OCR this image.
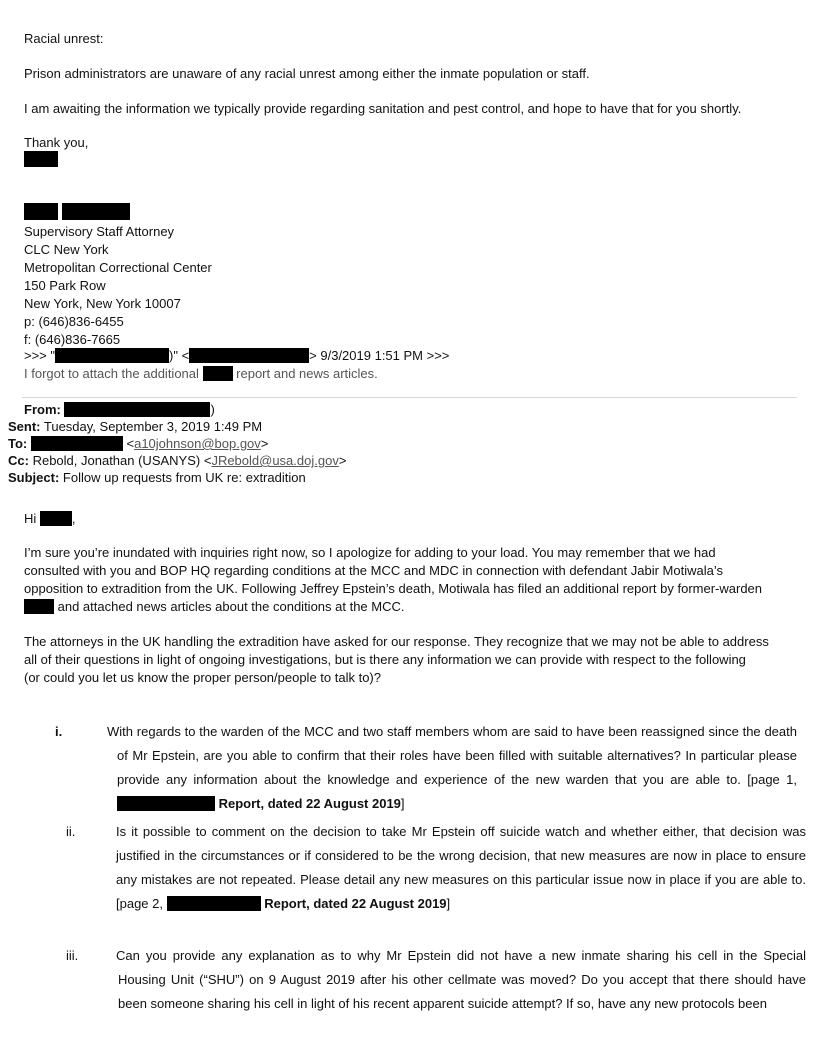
Racial unrest:
Prison administrators are unaware of any racial unrest among either the inmate population or staff.
I am awaiting the information we typically provide regarding sanitation and pest control, and hope to have that for you shortly.
Thank you,
Supervisory Staff Attorney
CLC New York
Metropolitan Correctional Center
150 Park Row
New York, New York 10007
p: (646)836-6455
f: (646)836-7665
>>> "	)" <	> 9/3/2019 1:51 PM >>>
I forgot to attach the additional	report and news articles.
From:	)
Sent: Tuesday, September 3, 2019 1:49 PM
To:	<a10johnson@bop.gov>
Cc: Rebold, Jonathan (USANYS) <JRebold@usa.doj.gov>
Subject: Follow up requests from UK re: extradition
Hi	,
I’m sure you’re inundated with inquiries right now, so I apologize for adding to your load. You may remember that we had
consulted with you and BOP HQ regarding conditions at the MCC and MDC in connection with defendant Jabir Motiwala’s
opposition to extradition from the UK. Following Jeffrey Epstein’s death, Motiwala has filed an additional report by former-warden
and attached news articles about the conditions at the MCC.
The attorneys in the UK handling the extradition have asked for our response. They recognize that we may not be able to address
all of their questions in light of ongoing investigations, but is there any information we can provide with respect to the following
(or could you let us know the proper person/people to talk to)?
i.	With regards to the warden of the MCC and two staff members whom are said to have been reassigned since the death of Mr Epstein, are you able to confirm that their roles have been filled with suitable alternatives? In particular please provide any information about the knowledge and experience of the new warden that you are able to. [page 1,  Report, dated 22 August 2019]
ii.	Is it possible to comment on the decision to take Mr Epstein off suicide watch and whether either, that decision was justified in the circumstances or if considered to be the wrong decision, that new measures are now in place to ensure any mistakes are not repeated. Please detail any new measures on this particular issue now in place if you are able to. [page 2,	Report, dated 22 August 2019]
iii.	Can you provide any explanation as to why Mr Epstein did not have a new inmate sharing his cell in the Special Housing Unit (“SHU”) on 9 August 2019 after his other cellmate was moved? Do you accept that there should have been someone sharing his cell in light of his recent apparent suicide attempt? If so, have any new protocols been
